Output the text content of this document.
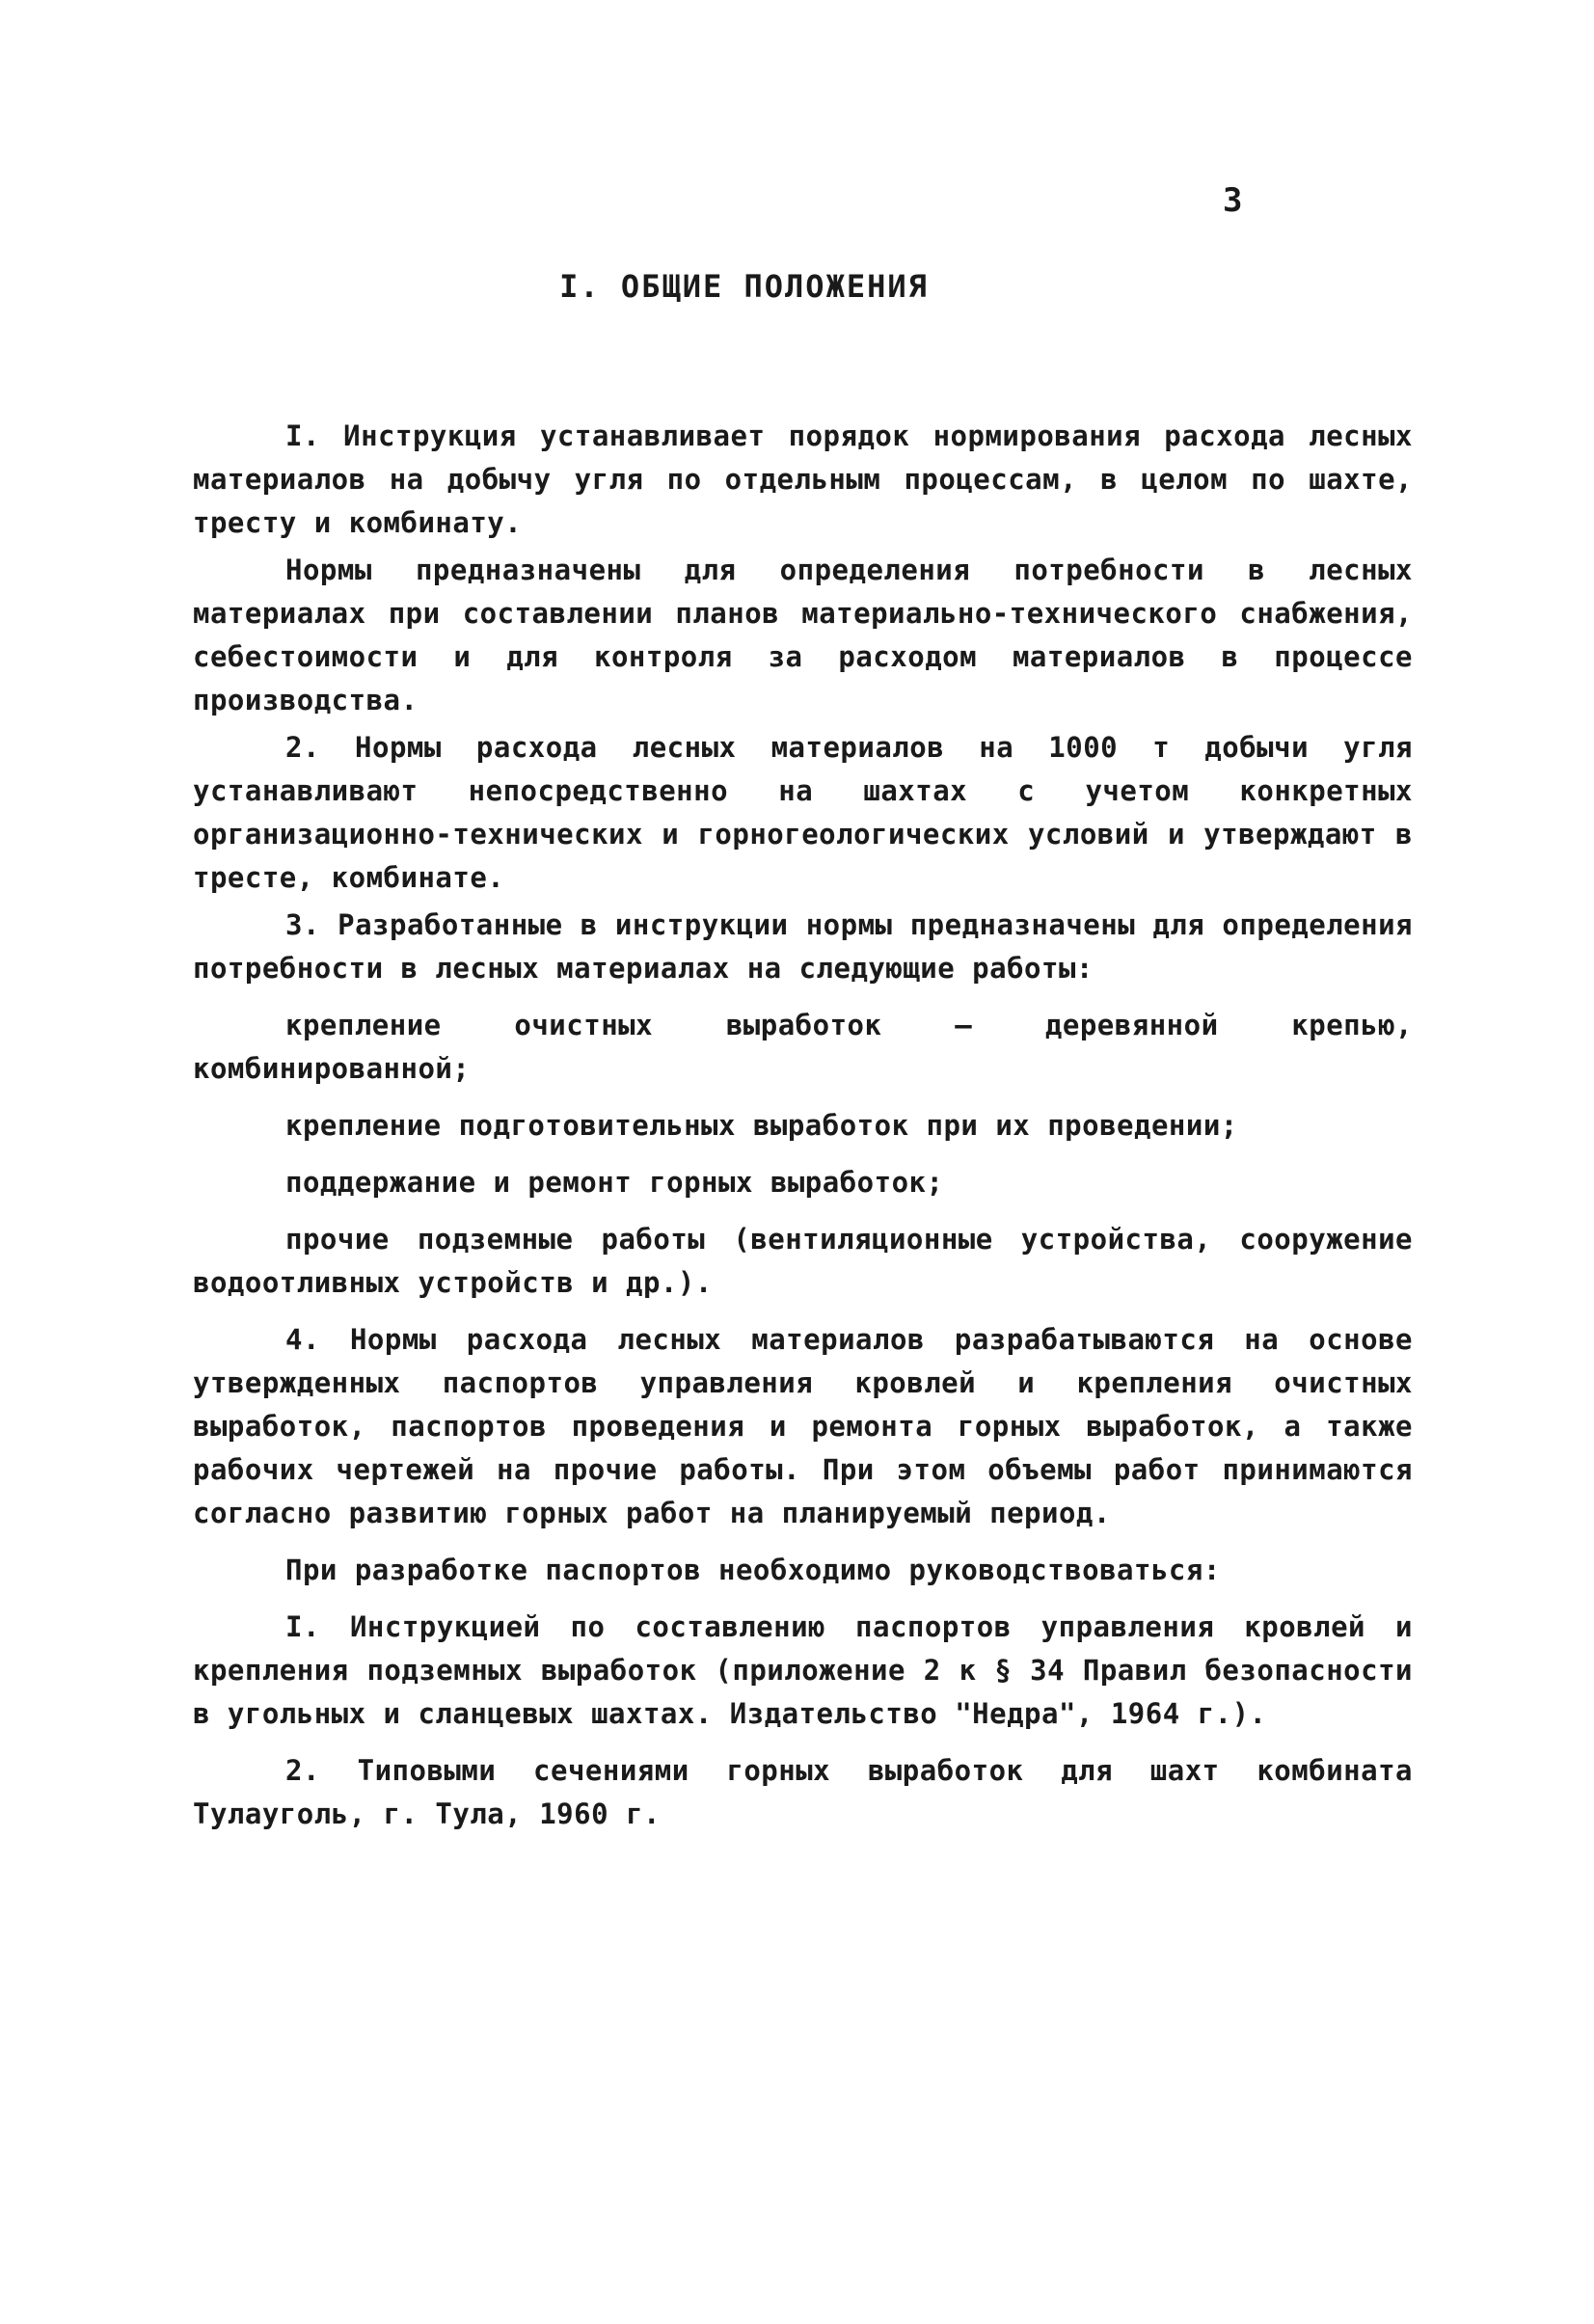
3
I. ОБЩИЕ ПОЛОЖЕНИЯ

I. Инструкция устанавливает порядок нормирования расхода лесных материалов на добычу угля по отдельным процессам, в целом по шахте, тресту и комбинату.

Нормы предназначены для определения потребности в лесных материалах при составлении планов материально-технического снабжения, себестоимости и для контроля за расходом материалов в процессе производства.

2. Нормы расхода лесных материалов на 1000 т добычи угля устанавливают непосредственно на шахтах с учетом конкретных организационно-технических и горногеологических условий и утверждают в тресте, комбинате.

3. Разработанные в инструкции нормы предназначены для определения потребности в лесных материалах на следующие работы:

крепление очистных выработок – деревянной крепью, комбинированной;

крепление подготовительных выработок при их проведении;

поддержание и ремонт горных выработок;

прочие подземные работы (вентиляционные устройства, сооружение водоотливных устройств и др.).

4. Нормы расхода лесных материалов разрабатываются на основе утвержденных паспортов управления кровлей и крепления очистных выработок, паспортов проведения и ремонта горных выработок, а также рабочих чертежей на прочие работы. При этом объемы работ принимаются согласно развитию горных работ на планируемый период.

При разработке паспортов необходимо руководствоваться:

I. Инструкцией по составлению паспортов управления кровлей и крепления подземных выработок (приложение 2 к § 34 Правил безопасности в угольных и сланцевых шахтах. Издательство "Недра", 1964 г.).

2. Типовыми сечениями горных выработок для шахт комбината Тулауголь, г. Тула, 1960 г.
